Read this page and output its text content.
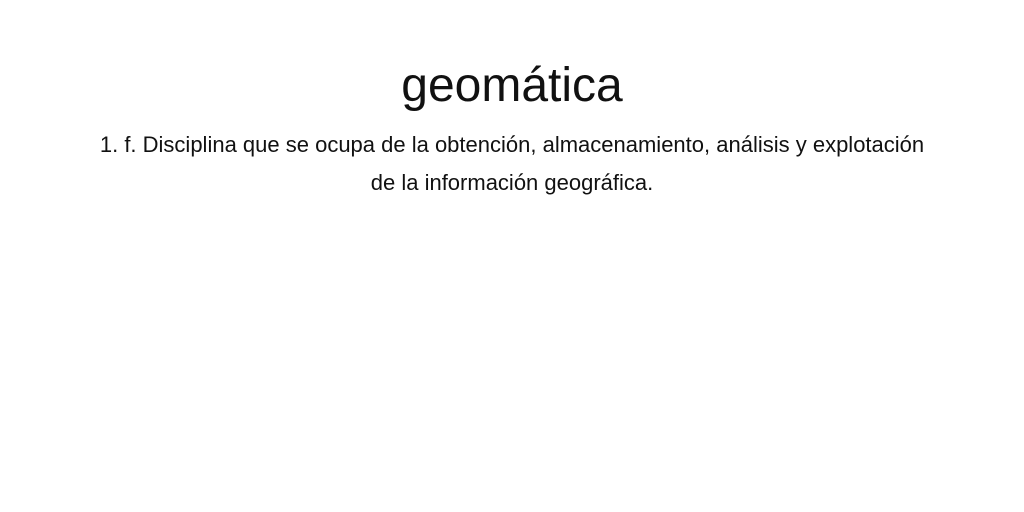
geomática

1. f. Disciplina que se ocupa de la obtención, almacenamiento, análisis y explotación de la información geográfica.
